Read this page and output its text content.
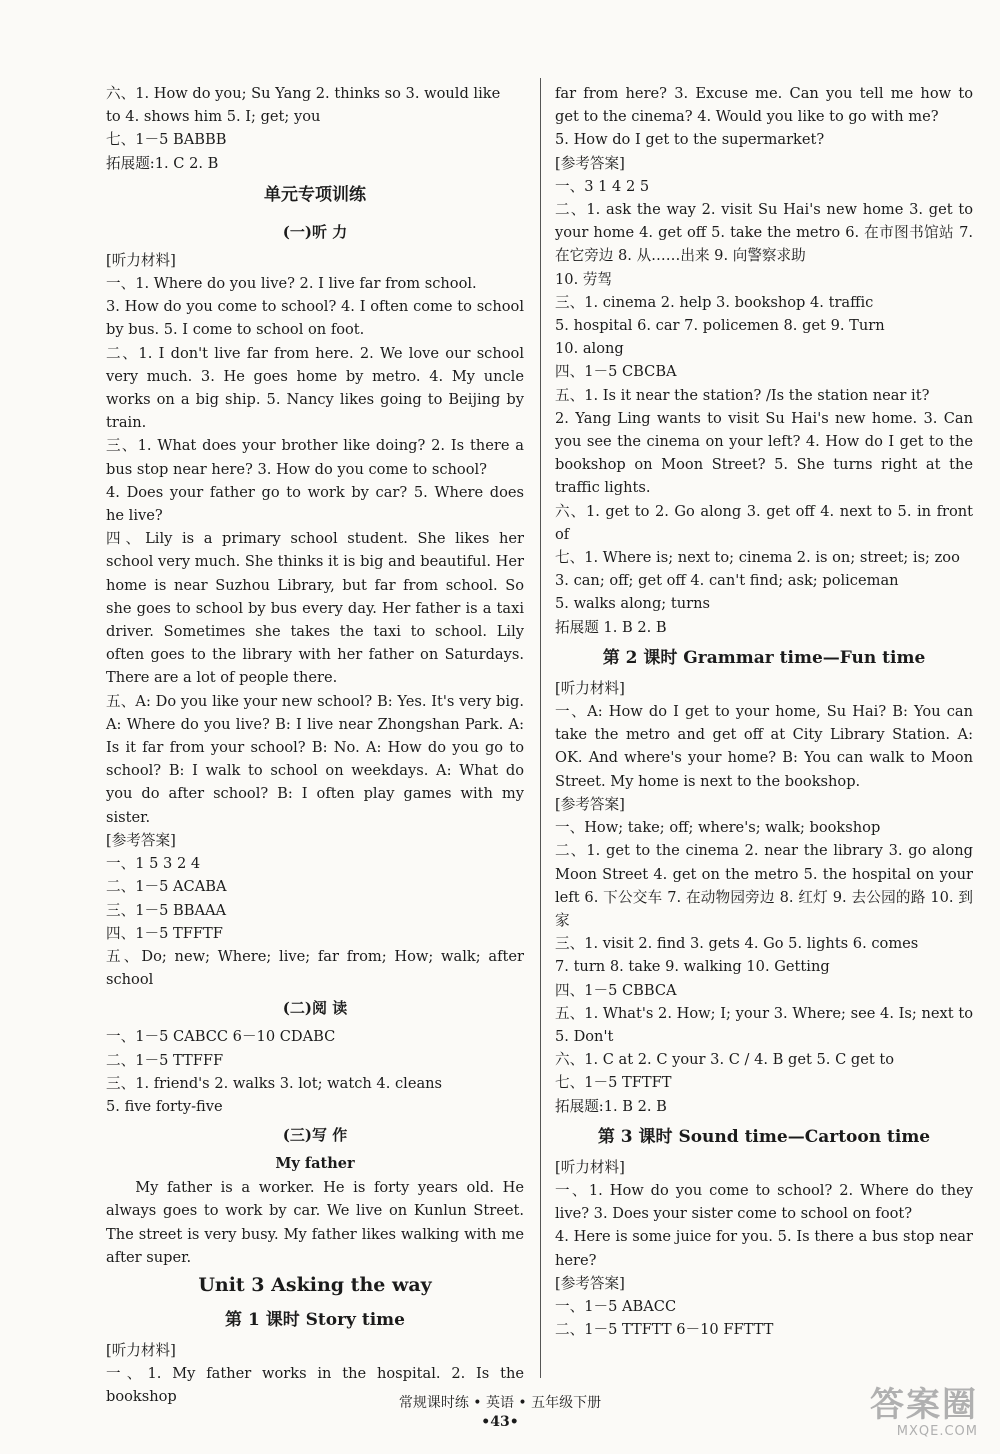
六、1. How do you; Su Yang 2. thinks so 3. would like
to 4. shows him 5. I; get; you
七、1－5 BABBB
拓展题:1. C 2. B
单元专项训练
(一)听 力
[听力材料]
一、1. Where do you live? 2. I live far from school.
3. How do you come to school? 4. I often come to school by bus. 5. I come to school on foot.
二、1. I don't live far from here. 2. We love our school very much. 3. He goes home by metro. 4. My uncle works on a big ship. 5. Nancy likes going to Beijing by train.
三、1. What does your brother like doing? 2. Is there a bus stop near here? 3. How do you come to school?
4. Does your father go to work by car? 5. Where does he live?
四、Lily is a primary school student. She likes her school very much. She thinks it is big and beautiful. Her home is near Suzhou Library, but far from school. So she goes to school by bus every day. Her father is a taxi driver. Sometimes she takes the taxi to school. Lily often goes to the library with her father on Saturdays. There are a lot of people there.
五、A: Do you like your new school? B: Yes. It's very big. A: Where do you live? B: I live near Zhongshan Park. A: Is it far from your school? B: No. A: How do you go to school? B: I walk to school on weekdays. A: What do you do after school? B: I often play games with my sister.
[参考答案]
一、1 5 3 2 4
二、1－5 ACABA
三、1－5 BBAAA
四、1－5 TFFTF
五、Do; new; Where; live; far from; How; walk; after school
(二)阅 读
一、1－5 CABCC 6－10 CDABC
二、1－5 TTFFF
三、1. friend's 2. walks 3. lot; watch 4. cleans
5. five forty-five
(三)写 作
My father
My father is a worker. He is forty years old. He always goes to work by car. We live on Kunlun Street. The street is very busy. My father likes walking with me after super.
Unit 3 Asking the way
第 1 课时 Story time
[听力材料]
一、1. My father works in the hospital. 2. Is the bookshop
far from here? 3. Excuse me. Can you tell me how to get to the cinema? 4. Would you like to go with me?
5. How do I get to the supermarket?
[参考答案]
一、3 1 4 2 5
二、1. ask the way 2. visit Su Hai's new home 3. get to your home 4. get off 5. take the metro 6. 在市图书馆站 7. 在它旁边 8. 从……出来 9. 向警察求助
10. 劳驾
三、1. cinema 2. help 3. bookshop 4. traffic
5. hospital 6. car 7. policemen 8. get 9. Turn
10. along
四、1－5 CBCBA
五、1. Is it near the station? /Is the station near it?
2. Yang Ling wants to visit Su Hai's new home. 3. Can you see the cinema on your left? 4. How do I get to the bookshop on Moon Street? 5. She turns right at the traffic lights.
六、1. get to 2. Go along 3. get off 4. next to 5. in front of
七、1. Where is; next to; cinema 2. is on; street; is; zoo
3. can; off; get off 4. can't find; ask; policeman
5. walks along; turns
拓展题 1. B 2. B
第 2 课时 Grammar time—Fun time
[听力材料]
一、A: How do I get to your home, Su Hai? B: You can take the metro and get off at City Library Station. A: OK. And where's your home? B: You can walk to Moon Street. My home is next to the bookshop.
[参考答案]
一、How; take; off; where's; walk; bookshop
二、1. get to the cinema 2. near the library 3. go along Moon Street 4. get on the metro 5. the hospital on your left 6. 下公交车 7. 在动物园旁边 8. 红灯 9. 去公园的路 10. 到家
三、1. visit 2. find 3. gets 4. Go 5. lights 6. comes
7. turn 8. take 9. walking 10. Getting
四、1－5 CBBCA
五、1. What's 2. How; I; your 3. Where; see 4. Is; next to 5. Don't
六、1. C at 2. C your 3. C / 4. B get 5. C get to
七、1－5 TFTFT
拓展题:1. B 2. B
第 3 课时 Sound time—Cartoon time
[听力材料]
一、1. How do you come to school? 2. Where do they live? 3. Does your sister come to school on foot?
4. Here is some juice for you. 5. Is there a bus stop near here?
[参考答案]
一、1－5 ABACC
二、1－5 TTFTT 6－10 FFTTT
常规课时练 • 英语 • 五年级下册
•43•	答案圈
MXQE.COM
